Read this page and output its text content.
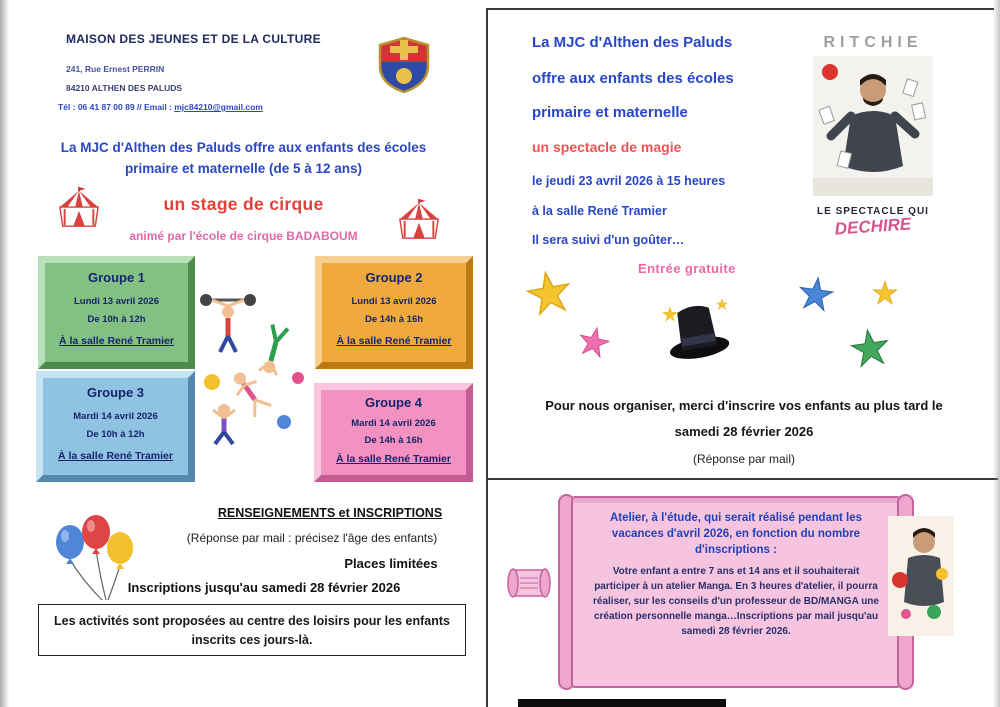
MAISON DES JEUNES ET DE LA CULTURE
241, Rue Ernest PERRIN
84210 ALTHEN DES PALUDS
Tél : 06 41 87 00 89 // Email : mjc84210@gmail.com
La MJC d'Althen des Paluds offre aux enfants des écoles
primaire et maternelle (de 5 à 12 ans)
un stage de cirque
animé par l'école de cirque BADABOUM
Groupe 1
Lundi 13 avril 2026
De 10h à 12h
À la salle René Tramier
Groupe 2
Lundi 13 avril 2026
De 14h à 16h
À la salle René Tramier
Groupe 3
Mardi 14 avril 2026
De 10h à 12h
À la salle René Tramier
Groupe 4
Mardi 14 avril 2026
De 14h à 16h
À la salle René Tramier
RENSEIGNEMENTS et INSCRIPTIONS
(Réponse par mail : précisez l'âge des enfants)
Places limitées
Inscriptions jusqu'au samedi 28 février 2026
Les activités sont proposées au centre des loisirs pour les enfants
inscrits ces jours-là.
La MJC d'Althen des Paluds
offre aux enfants des écoles
primaire et maternelle
un spectacle de magie
le jeudi 23 avril 2026 à 15 heures
à la salle René Tramier
Il sera suivi d'un goûter…
Entrée gratuite
RITCHIE
LE SPECTACLE QUI
DECHIRE
Pour nous organiser, merci d'inscrire vos enfants au plus tard le
samedi 28 février 2026
(Réponse par mail)
Atelier, à l'étude, qui serait réalisé pendant les vacances d'avril 2026, en fonction du nombre d'inscriptions :
Votre enfant a entre 7 ans et 14 ans et il souhaiterait participer à un atelier Manga. En 3 heures d'atelier, il pourra réaliser, sur les conseils d'un professeur de BD/MANGA une création personnelle manga…Inscriptions par mail jusqu'au samedi 28 février 2026.
